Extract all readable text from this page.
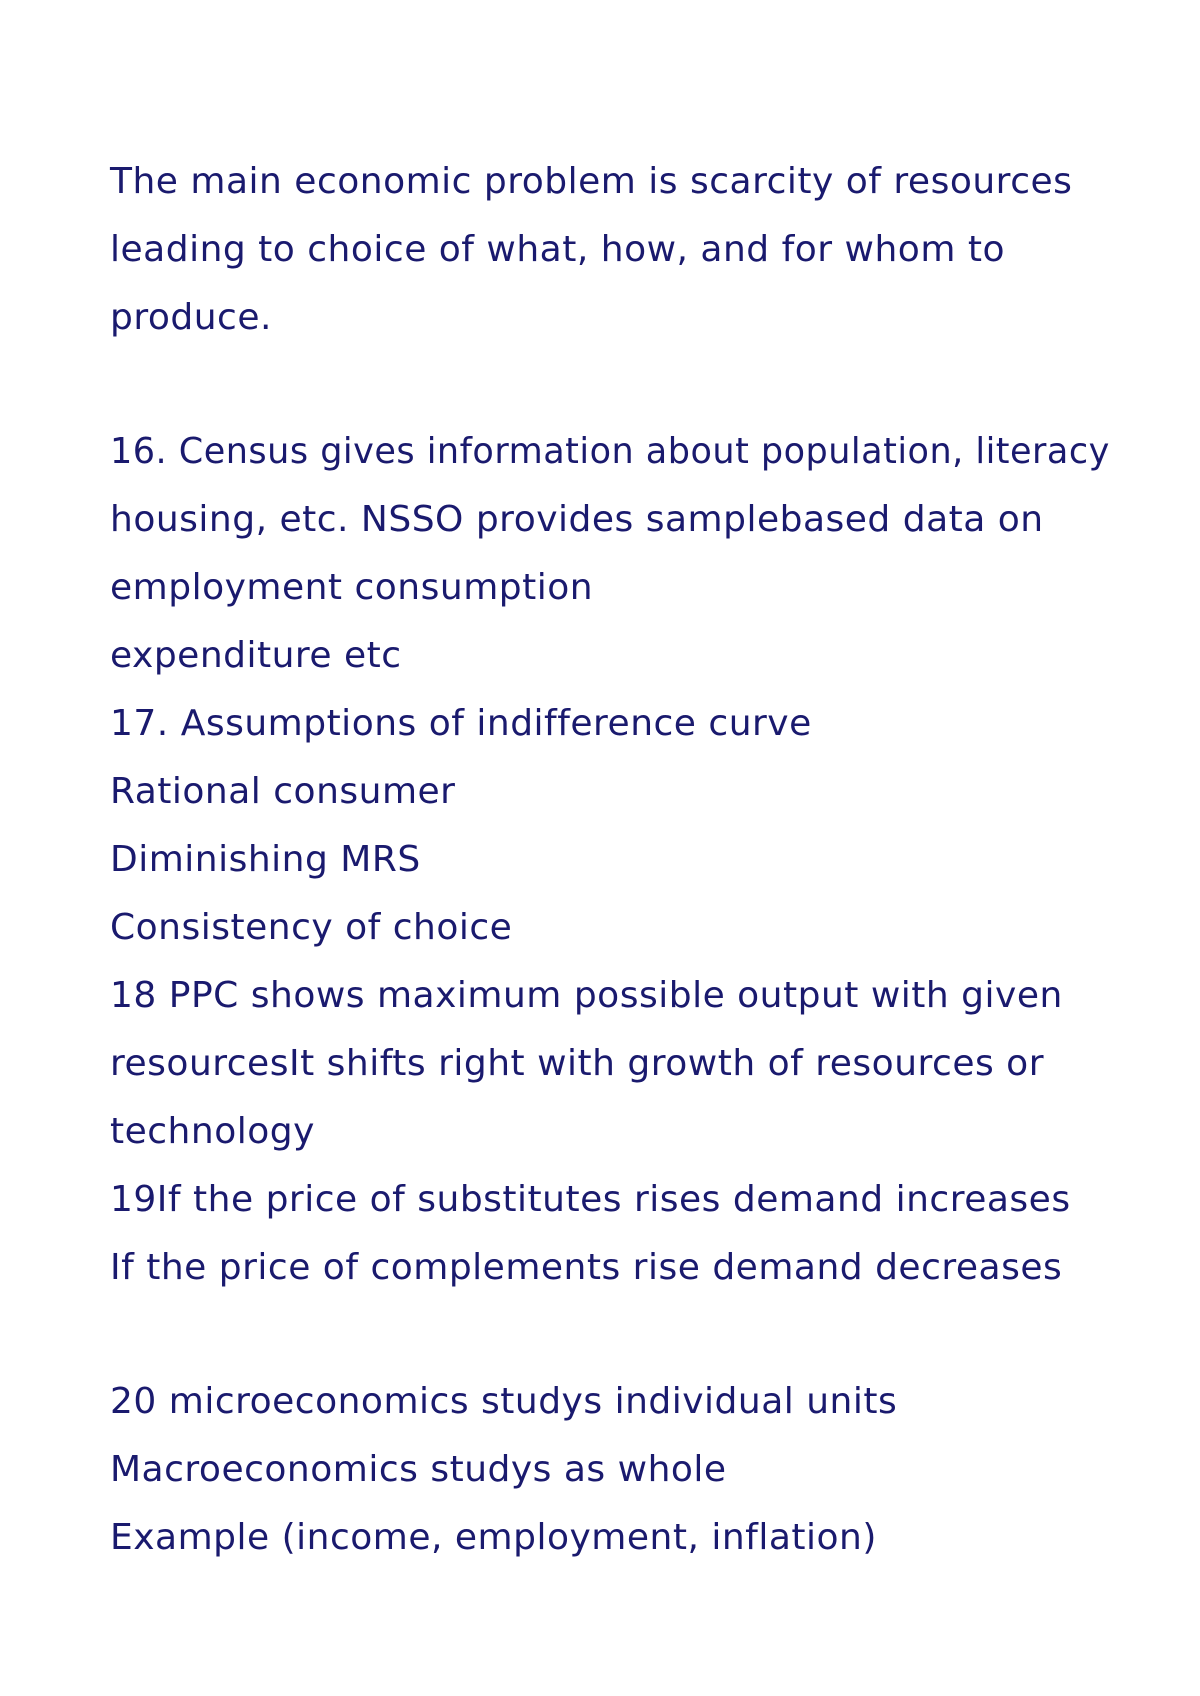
The main economic problem is scarcity of resources
leading to choice of what, how, and for whom to
produce.
16. Census gives information about population, literacy
housing, etc. NSSO provides samplebased data on
employment consumption
expenditure etc
17. Assumptions of indifference curve
Rational consumer
Diminishing MRS
Consistency of choice
18 PPC shows maximum possible output with given
resourcesIt shifts right with growth of resources or
technology
19If the price of substitutes rises demand increases
If the price of complements rise demand decreases
20 microeconomics studys individual units
Macroeconomics studys as whole
Example (income, employment, inflation)
